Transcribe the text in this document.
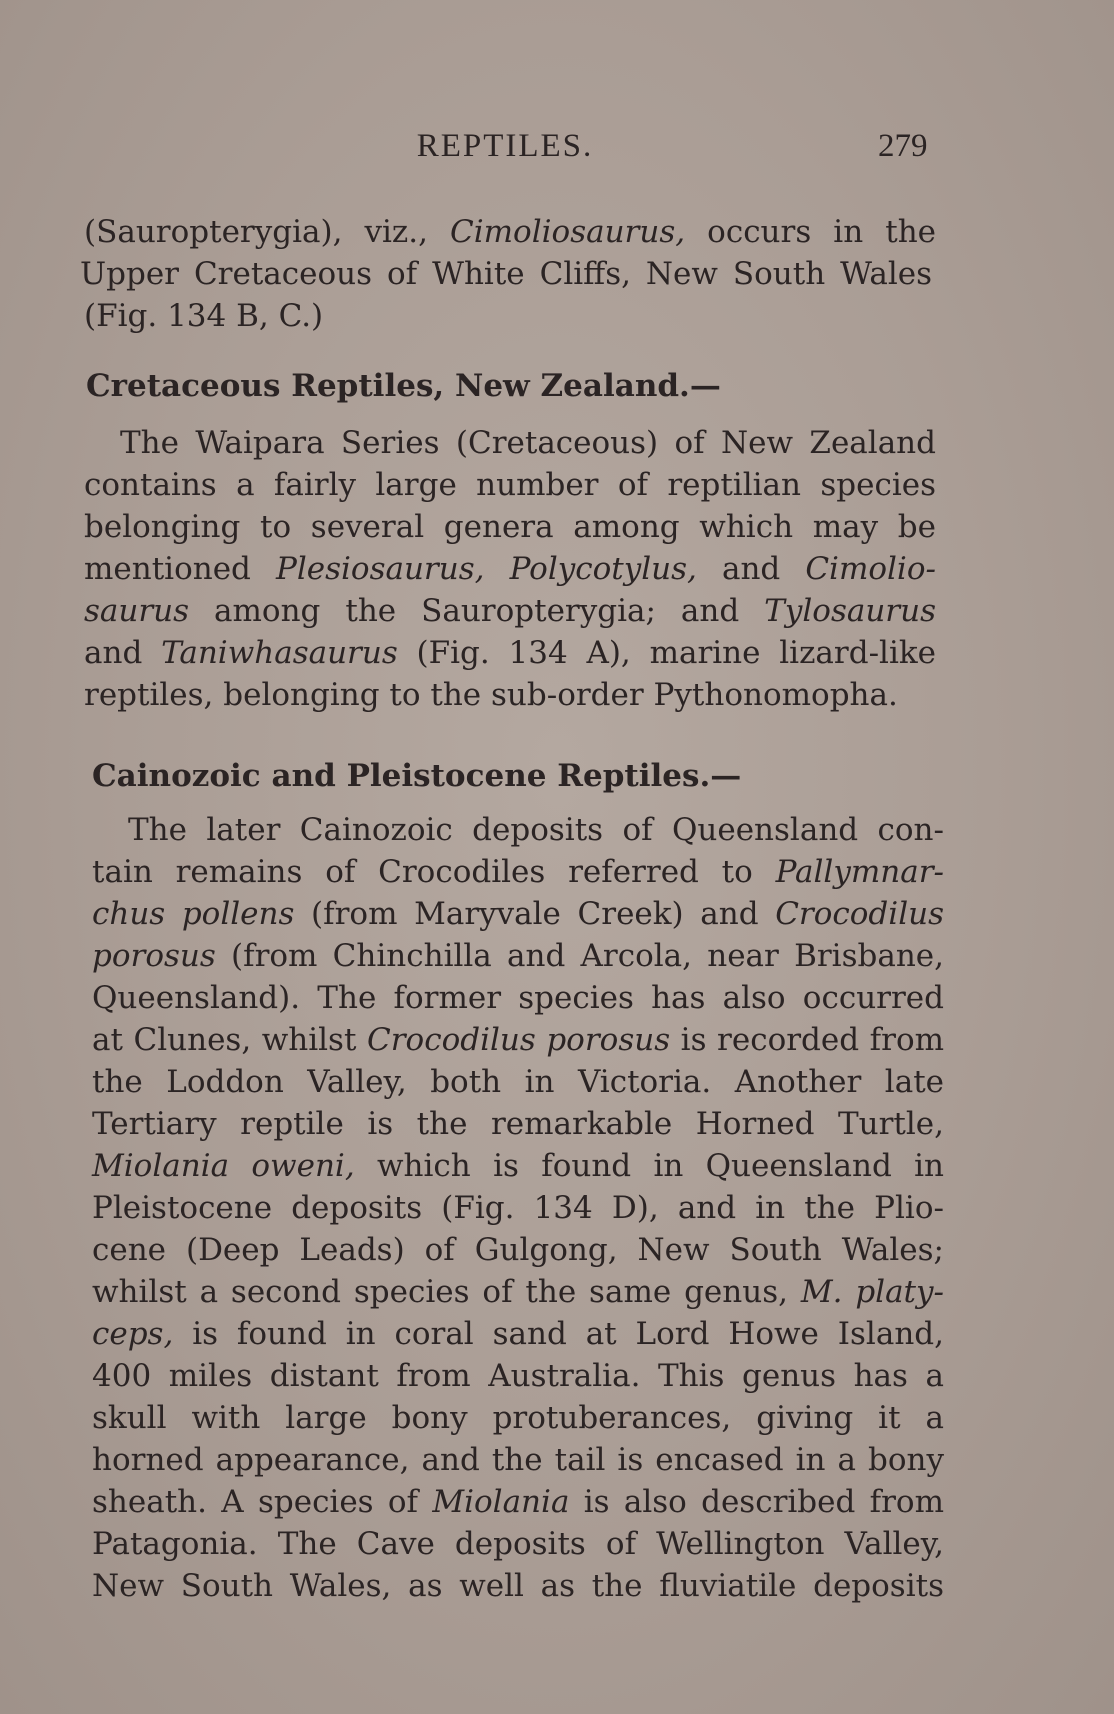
REPTILES.	279
(Sauropterygia), viz., Cimoliosaurus, occurs in the
Upper Cretaceous of White Cliffs, New South Wales
(Fig. 134 B, C.)
Cretaceous Reptiles, New Zealand.—
The Waipara Series (Cretaceous) of New Zealand
contains a fairly large number of reptilian species
belonging to several genera among which may be
mentioned Plesiosaurus, Polycotylus, and Cimolio-
saurus among the Sauropterygia; and Tylosaurus
and Taniwhasaurus (Fig. 134 A), marine lizard-like
reptiles, belonging to the sub-order Pythonomopha.
Cainozoic and Pleistocene Reptiles.—
The later Cainozoic deposits of Queensland con-
tain remains of Crocodiles referred to Pallymnar-
chus pollens (from Maryvale Creek) and Crocodilus
porosus (from Chinchilla and Arcola, near Brisbane,
Queensland). The former species has also occurred
at Clunes, whilst Crocodilus porosus is recorded from
the Loddon Valley, both in Victoria. Another late
Tertiary reptile is the remarkable Horned Turtle,
Miolania oweni, which is found in Queensland in
Pleistocene deposits (Fig. 134 D), and in the Plio-
cene (Deep Leads) of Gulgong, New South Wales;
whilst a second species of the same genus, M. platy-
ceps, is found in coral sand at Lord Howe Island,
400 miles distant from Australia. This genus has a
skull with large bony protuberances, giving it a
horned appearance, and the tail is encased in a bony
sheath. A species of Miolania is also described from
Patagonia. The Cave deposits of Wellington Valley,
New South Wales, as well as the fluviatile deposits
